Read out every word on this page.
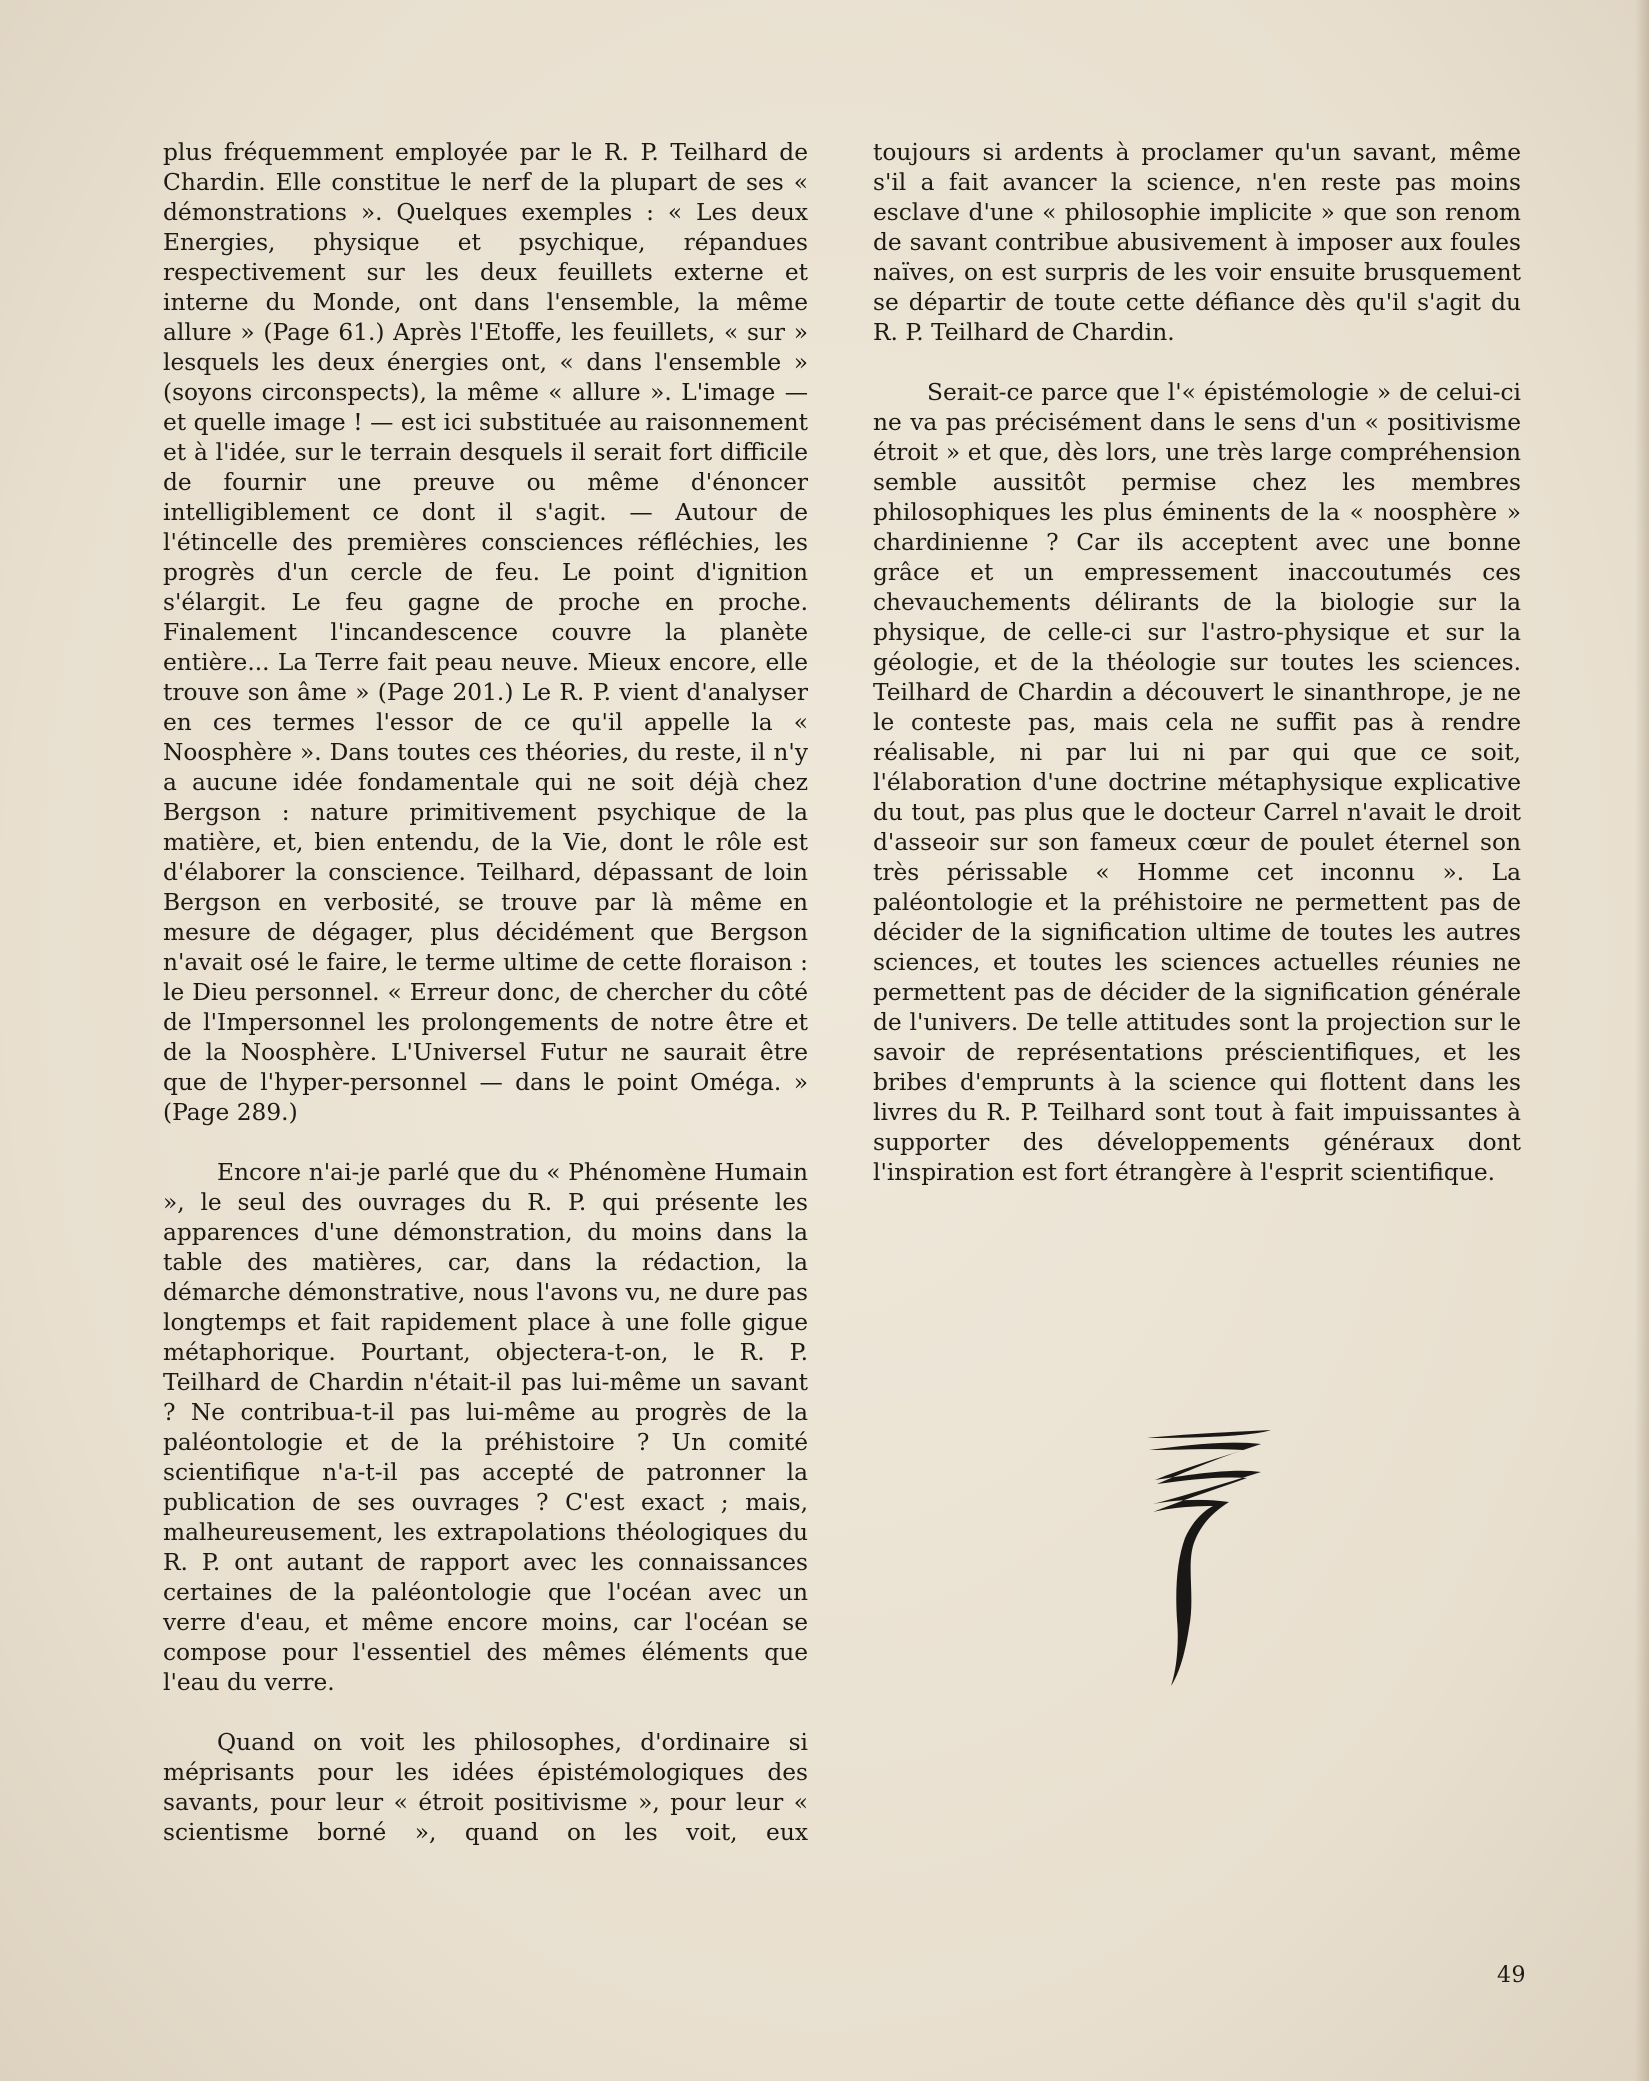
plus fréquemment employée par le R. P. Teilhard de Chardin. Elle constitue le nerf de la plupart de ses « démonstrations ». Quelques exemples : « Les deux Energies, physique et psychique, répandues respectivement sur les deux feuillets externe et interne du Monde, ont dans l'ensemble, la même allure » (Page 61.) Après l'Etoffe, les feuillets, « sur » lesquels les deux énergies ont, « dans l'ensemble » (soyons circonspects), la même « allure ». L'image — et quelle image ! — est ici substituée au raisonnement et à l'idée, sur le terrain desquels il serait fort difficile de fournir une preuve ou même d'énoncer intelligiblement ce dont il s'agit. — Autour de l'étincelle des premières consciences réfléchies, les progrès d'un cercle de feu. Le point d'ignition s'élargit. Le feu gagne de proche en proche. Finalement l'incandescence couvre la planète entière... La Terre fait peau neuve. Mieux encore, elle trouve son âme » (Page 201.) Le R. P. vient d'analyser en ces termes l'essor de ce qu'il appelle la « Noosphère ». Dans toutes ces théories, du reste, il n'y a aucune idée fondamentale qui ne soit déjà chez Bergson : nature primitivement psychique de la matière, et, bien entendu, de la Vie, dont le rôle est d'élaborer la conscience. Teilhard, dépassant de loin Bergson en verbosité, se trouve par là même en mesure de dégager, plus décidément que Bergson n'avait osé le faire, le terme ultime de cette floraison : le Dieu personnel. « Erreur donc, de chercher du côté de l'Impersonnel les prolongements de notre être et de la Noosphère. L'Universel Futur ne saurait être que de l'hyper-personnel — dans le point Oméga. » (Page 289.)

Encore n'ai-je parlé que du « Phénomène Humain », le seul des ouvrages du R. P. qui présente les apparences d'une démonstration, du moins dans la table des matières, car, dans la rédaction, la démarche démonstrative, nous l'avons vu, ne dure pas longtemps et fait rapidement place à une folle gigue métaphorique. Pourtant, objectera-t-on, le R. P. Teilhard de Chardin n'était-il pas lui-même un savant ? Ne contribua-t-il pas lui-même au progrès de la paléontologie et de la préhistoire ? Un comité scientifique n'a-t-il pas accepté de patronner la publication de ses ouvrages ? C'est exact ; mais, malheureusement, les extrapolations théologiques du R. P. ont autant de rapport avec les connaissances certaines de la paléontologie que l'océan avec un verre d'eau, et même encore moins, car l'océan se compose pour l'essentiel des mêmes éléments que l'eau du verre.

Quand on voit les philosophes, d'ordinaire si méprisants pour les idées épistémologiques des savants, pour leur « étroit positivisme », pour leur « scientisme borné », quand on les voit, eux

toujours si ardents à proclamer qu'un savant, même s'il a fait avancer la science, n'en reste pas moins esclave d'une « philosophie implicite » que son renom de savant contribue abusivement à imposer aux foules naïves, on est surpris de les voir ensuite brusquement se départir de toute cette défiance dès qu'il s'agit du R. P. Teilhard de Chardin.

Serait-ce parce que l'« épistémologie » de celui-ci ne va pas précisément dans le sens d'un « positivisme étroit » et que, dès lors, une très large compréhension semble aussitôt permise chez les membres philosophiques les plus éminents de la « noosphère » chardinienne ? Car ils acceptent avec une bonne grâce et un empressement inaccoutumés ces chevauchements délirants de la biologie sur la physique, de celle-ci sur l'astro-physique et sur la géologie, et de la théologie sur toutes les sciences. Teilhard de Chardin a découvert le sinanthrope, je ne le conteste pas, mais cela ne suffit pas à rendre réalisable, ni par lui ni par qui que ce soit, l'élaboration d'une doctrine métaphysique explicative du tout, pas plus que le docteur Carrel n'avait le droit d'asseoir sur son fameux cœur de poulet éternel son très périssable « Homme cet inconnu ». La paléontologie et la préhistoire ne permettent pas de décider de la signification ultime de toutes les autres sciences, et toutes les sciences actuelles réunies ne permettent pas de décider de la signification générale de l'univers. De telle attitudes sont la projection sur le savoir de représentations préscientifiques, et les bribes d'emprunts à la science qui flottent dans les livres du R. P. Teilhard sont tout à fait impuissantes à supporter des développements généraux dont l'inspiration est fort étrangère à l'esprit scientifique.

49
